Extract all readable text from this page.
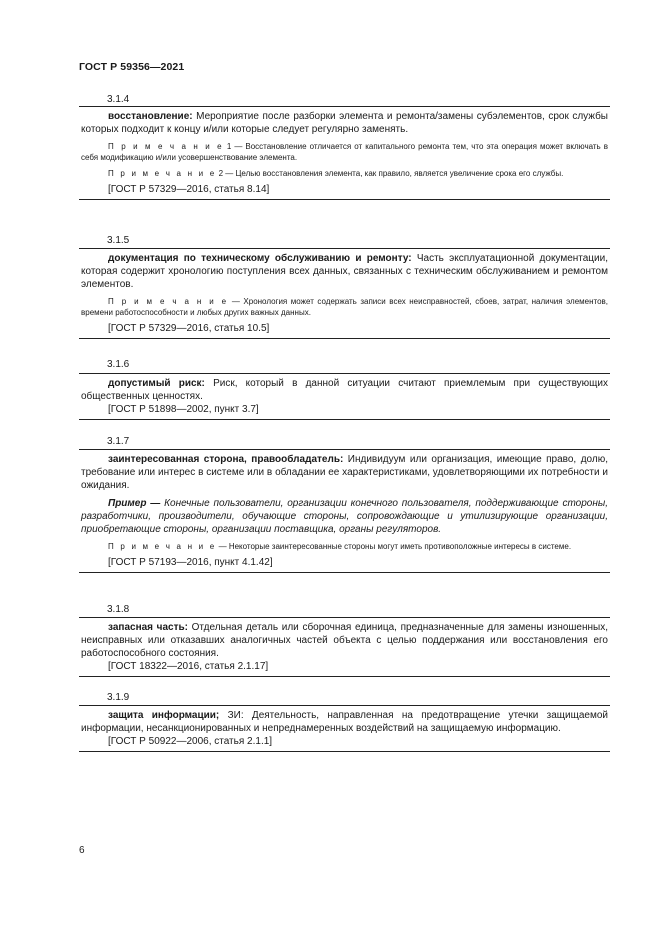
ГОСТ Р 59356—2021
3.1.4

восстановление: Мероприятие после разборки элемента и ремонта/замены субэлементов, срок службы которых подходит к концу и/или которые следует регулярно заменять.

П р и м е ч а н и е 1 — Восстановление отличается от капитального ремонта тем, что эта операция может включать в себя модификацию и/или усовершенствование элемента.

П р и м е ч а н и е 2 — Целью восстановления элемента, как правило, является увеличение срока его службы.

[ГОСТ Р 57329—2016, статья 8.14]

3.1.5

документация по техническому обслуживанию и ремонту: Часть эксплуатационной документации, которая содержит хронологию поступления всех данных, связанных с техническим обслуживанием и ремонтом элементов.

П р и м е ч а н и е — Хронология может содержать записи всех неисправностей, сбоев, затрат, наличия элементов, времени работоспособности и любых других важных данных.

[ГОСТ Р 57329—2016, статья 10.5]

3.1.6

допустимый риск: Риск, который в данной ситуации считают приемлемым при существующих общественных ценностях.

[ГОСТ Р 51898—2002, пункт 3.7]

3.1.7

заинтересованная сторона, правообладатель: Индивидуум или организация, имеющие право, долю, требование или интерес в системе или в обладании ее характеристиками, удовлетворяющими их потребности и ожидания.

Пример — Конечные пользователи, организации конечного пользователя, поддерживающие стороны, разработчики, производители, обучающие стороны, сопровождающие и утилизирующие организации, приобретающие стороны, организации поставщика, органы регуляторов.

П р и м е ч а н и е — Некоторые заинтересованные стороны могут иметь противоположные интересы в системе.

[ГОСТ Р 57193—2016, пункт 4.1.42]

3.1.8

запасная часть: Отдельная деталь или сборочная единица, предназначенные для замены изношенных, неисправных или отказавших аналогичных частей объекта с целью поддержания или восстановления его работоспособного состояния.

[ГОСТ 18322—2016, статья 2.1.17]

3.1.9

защита информации; ЗИ: Деятельность, направленная на предотвращение утечки защищаемой информации, несанкционированных и непреднамеренных воздействий на защищаемую информацию.

[ГОСТ Р 50922—2006, статья 2.1.1]

6
